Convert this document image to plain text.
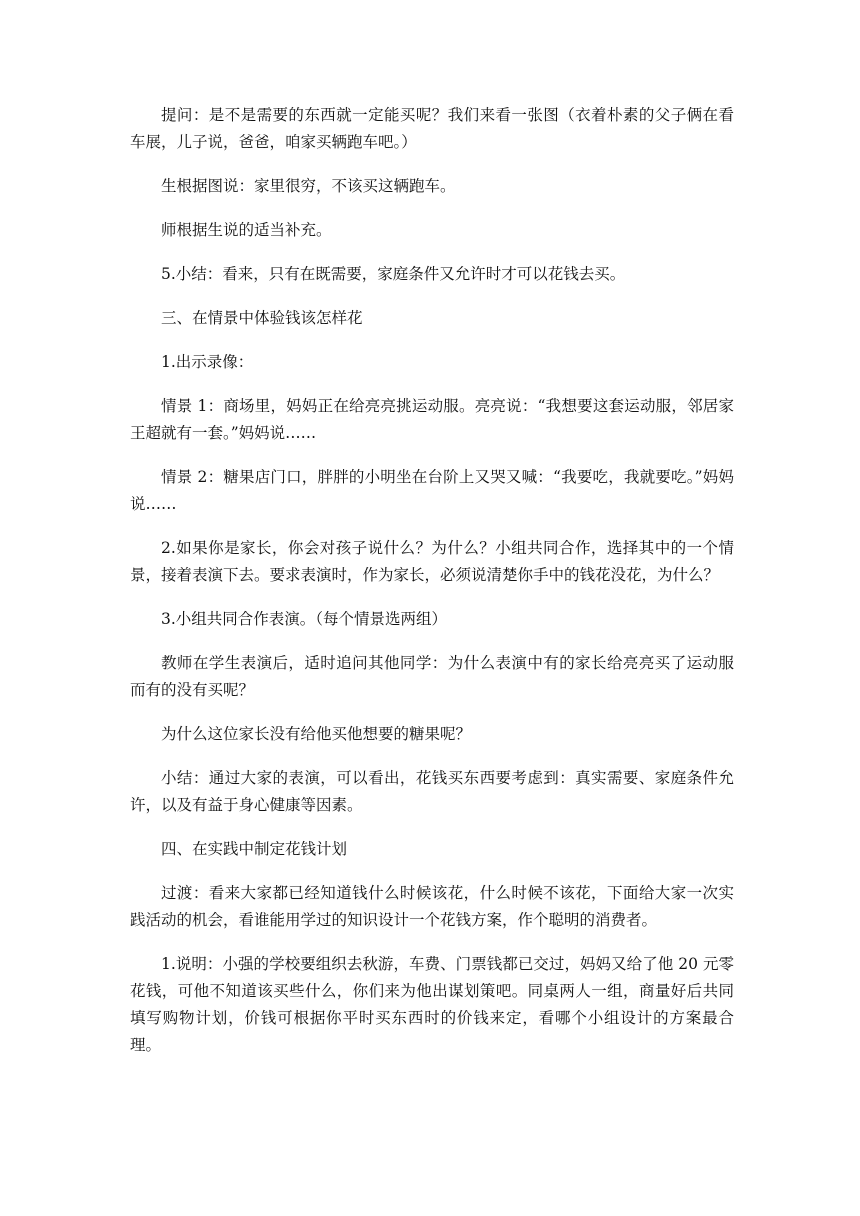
提问：是不是需要的东西就一定能买呢？我们来看一张图（衣着朴素的父子俩在看车展，儿子说，爸爸，咱家买辆跑车吧。）

生根据图说：家里很穷，不该买这辆跑车。

师根据生说的适当补充。

5.小结：看来，只有在既需要，家庭条件又允许时才可以花钱去买。

三、在情景中体验钱该怎样花

1.出示录像：

情景 1：商场里，妈妈正在给亮亮挑运动服。亮亮说：“我想要这套运动服，邻居家王超就有一套。”妈妈说……

情景 2：糖果店门口，胖胖的小明坐在台阶上又哭又喊：“我要吃，我就要吃。”妈妈说……

2.如果你是家长，你会对孩子说什么？为什么？小组共同合作，选择其中的一个情景，接着表演下去。要求表演时，作为家长，必须说清楚你手中的钱花没花，为什么？

3.小组共同合作表演。（每个情景选两组）

教师在学生表演后，适时追问其他同学：为什么表演中有的家长给亮亮买了运动服而有的没有买呢？

为什么这位家长没有给他买他想要的糖果呢？

小结：通过大家的表演，可以看出，花钱买东西要考虑到：真实需要、家庭条件允许，以及有益于身心健康等因素。

四、在实践中制定花钱计划

过渡：看来大家都已经知道钱什么时候该花，什么时候不该花，下面给大家一次实践活动的机会，看谁能用学过的知识设计一个花钱方案，作个聪明的消费者。

1.说明：小强的学校要组织去秋游，车费、门票钱都已交过，妈妈又给了他 20 元零花钱，可他不知道该买些什么，你们来为他出谋划策吧。同桌两人一组，商量好后共同填写购物计划，价钱可根据你平时买东西时的价钱来定，看哪个小组设计的方案最合理。
